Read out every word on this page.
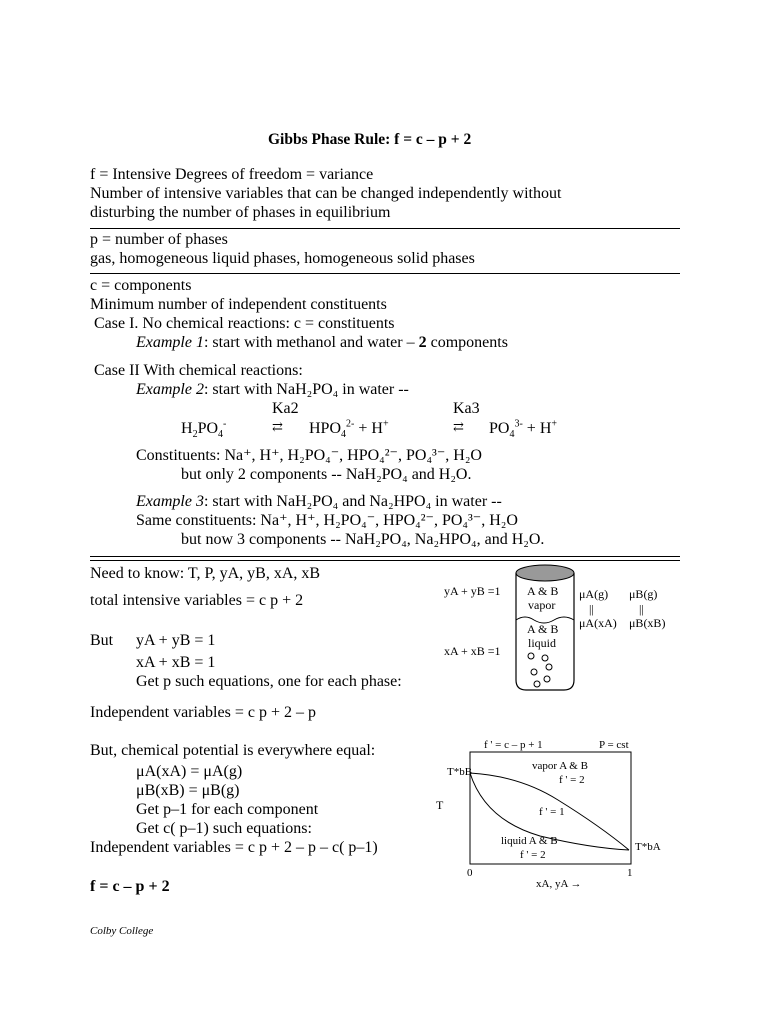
Gibbs Phase Rule: f = c – p + 2
f = Intensive Degrees of freedom = variance
Number of intensive variables that can be changed independently without
disturbing the number of phases in equilibrium
p = number of phases
gas, homogeneous liquid phases, homogeneous solid phases
c = components
Minimum number of independent constituents
Case I. No chemical reactions: c = constituents
Example 1: start with methanol and water – 2 components
Case II With chemical reactions:
Example 2: start with NaH₂PO₄ in water --
Ka2	Ka3
$H_2PO_4^-$	⇄ $HPO_4^{2-} + H^+$	⇄ $PO_4^{3-} + H^+$
Constituents: Na⁺, H⁺, H₂PO₄⁻, HPO₄²⁻, PO₄³⁻, H₂O
but only 2 components -- NaH₂PO₄ and H₂O.
Example 3: start with NaH₂PO₄ and Na₂HPO₄ in water --
Same constituents: Na⁺, H⁺, H₂PO₄⁻, HPO₄²⁻, PO₄³⁻, H₂O
but now 3 components -- NaH₂PO₄, Na₂HPO₄, and H₂O.
Need to know: T, P, yA, yB, xA, xB
total intensive variables = c p + 2
But yA + yB = 1
xA + xB = 1
Get p such equations, one for each phase:
Independent variables = c p + 2 – p
But, chemical potential is everywhere equal:
μA(xA) = μA(g)
μB(xB) = μB(g)
Get p–1 for each component
Get c( p–1) such equations:
Independent variables = c p + 2 – p – c( p–1)
f = c – p + 2
yA + yB =1
xA + xB =1
A & B
vapor
A & B
liquid
μA(g) μB(g)
||	||
μA(xA) μB(xB)
f ' = c – p + 1	P = cst
T*bB
T*bA
T
vapor A & B
f ' = 2
f ' = 1
liquid A & B
f ' = 2
0	1
xA, yA →
Colby College
